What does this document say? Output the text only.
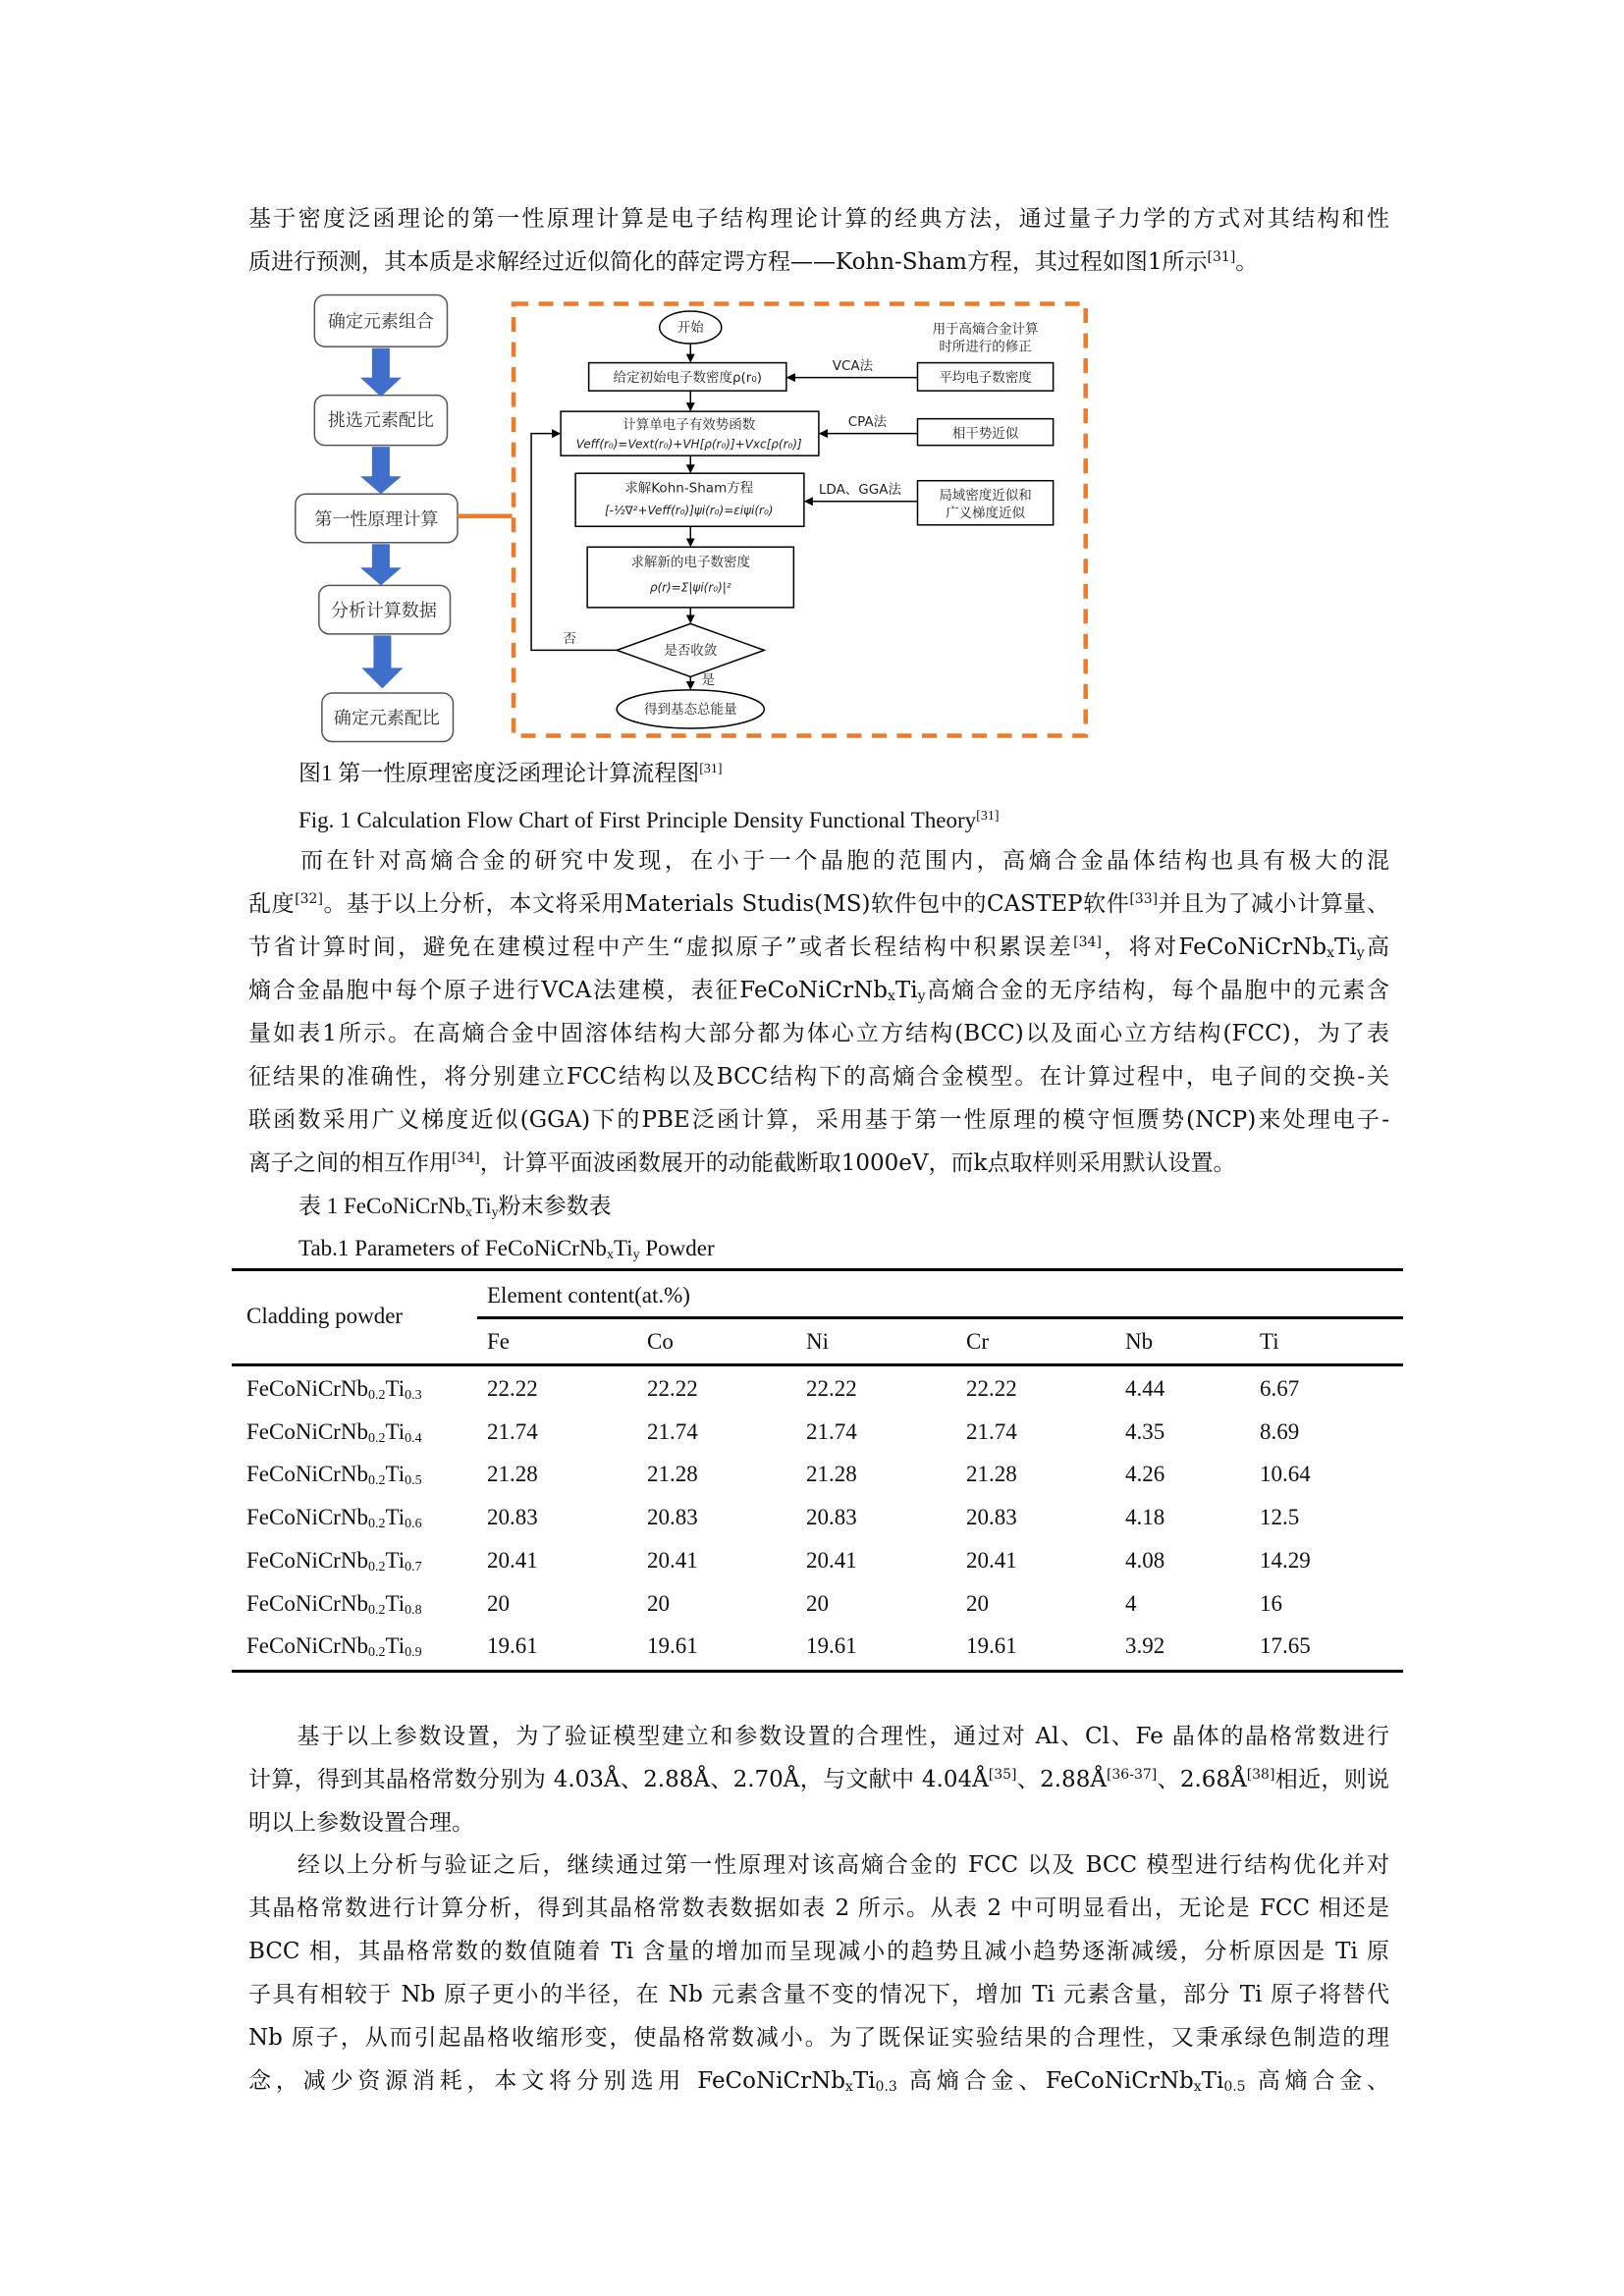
基于密度泛函理论的第一性原理计算是电子结构理论计算的经典方法，通过量子力学的方式对其结构和性
质进行预测，其本质是求解经过近似简化的薛定谔方程——Kohn-Sham方程，其过程如图1所示[31]。
确定元素组合
挑选元素配比
第一性原理计算
分析计算数据
确定元素配比
开始
给定初始电子数密度ρ(r₀)
计算单电子有效势函数
Veff(r₀)=Vext(r₀)+VH[ρ(r₀)]+Vxc[ρ(r₀)]
求解Kohn-Sham方程
[-½∇²+Veff(r₀)]ψi(r₀)=εiψi(r₀)
求解新的电子数密度
ρ(r)=Σ|ψi(r₀)|²
是否收敛
否
是
得到基态总能量
用于高熵合金计算
时所进行的修正
平均电子数密度
VCA法
相干势近似
CPA法
局域密度近似和
广义梯度近似
LDA、GGA法
图1 第一性原理密度泛函理论计算流程图[31]
Fig. 1 Calculation Flow Chart of First Principle Density Functional Theory[31]
　　而在针对高熵合金的研究中发现，在小于一个晶胞的范围内，高熵合金晶体结构也具有极大的混
乱度[32]。基于以上分析，本文将采用Materials Studis(MS)软件包中的CASTEP软件[33]并且为了减小计算量、
节省计算时间，避免在建模过程中产生“虚拟原子”或者长程结构中积累误差[34]，将对$FeCoNiCrNb_xTi_y$高
熵合金晶胞中每个原子进行VCA法建模，表征$FeCoNiCrNb_xTi_y$高熵合金的无序结构，每个晶胞中的元素含
量如表1所示。在高熵合金中固溶体结构大部分都为体心立方结构(BCC)以及面心立方结构(FCC)，为了表
征结果的准确性，将分别建立FCC结构以及BCC结构下的高熵合金模型。在计算过程中，电子间的交换-关
联函数采用广义梯度近似(GGA)下的PBE泛函计算，采用基于第一性原理的模守恒赝势(NCP)来处理电子-
离子之间的相互作用[34]，计算平面波函数展开的动能截断取1000eV，而k点取样则采用默认设置。
表 1 $FeCoNiCrNb_xTi_y$粉末参数表
Tab.1 Parameters of $FeCoNiCrNb_xTi_y$ Powder
Cladding powder
Element content(at.%)
Fe	Co	Ni	Cr	Nb	Ti
$FeCoNiCrNb_{0.2}Ti_{0.3}$	22.22	22.22	22.22	22.22	4.44	6.67
$FeCoNiCrNb_{0.2}Ti_{0.4}$	21.74	21.74	21.74	21.74	4.35	8.69
$FeCoNiCrNb_{0.2}Ti_{0.5}$	21.28	21.28	21.28	21.28	4.26	10.64
$FeCoNiCrNb_{0.2}Ti_{0.6}$	20.83	20.83	20.83	20.83	4.18	12.5
$FeCoNiCrNb_{0.2}Ti_{0.7}$	20.41	20.41	20.41	20.41	4.08	14.29
$FeCoNiCrNb_{0.2}Ti_{0.8}$	20	20	20	20	4	16
$FeCoNiCrNb_{0.2}Ti_{0.9}$	19.61	19.61	19.61	19.61	3.92	17.65
　　基于以上参数设置，为了验证模型建立和参数设置的合理性，通过对 Al、Cl、Fe 晶体的晶格常数进行
计算，得到其晶格常数分别为 4.03Å、2.88Å、2.70Å，与文献中 4.04Å[35]、2.88Å[36-37]、2.68Å[38]相近，则说
明以上参数设置合理。
　　经以上分析与验证之后，继续通过第一性原理对该高熵合金的 FCC 以及 BCC 模型进行结构优化并对
其晶格常数进行计算分析，得到其晶格常数表数据如表 2 所示。从表 2 中可明显看出，无论是 FCC 相还是
BCC 相，其晶格常数的数值随着 Ti 含量的增加而呈现减小的趋势且减小趋势逐渐减缓，分析原因是 Ti 原
子具有相较于 Nb 原子更小的半径，在 Nb 元素含量不变的情况下，增加 Ti 元素含量，部分 Ti 原子将替代
Nb 原子，从而引起晶格收缩形变，使晶格常数减小。为了既保证实验结果的合理性，又秉承绿色制造的理
念，减少资源消耗，本文将分别选用 $FeCoNiCrNb_xTi_{0.3}$ 高熵合金、$FeCoNiCrNb_xTi_{0.5}$ 高熵合金、
